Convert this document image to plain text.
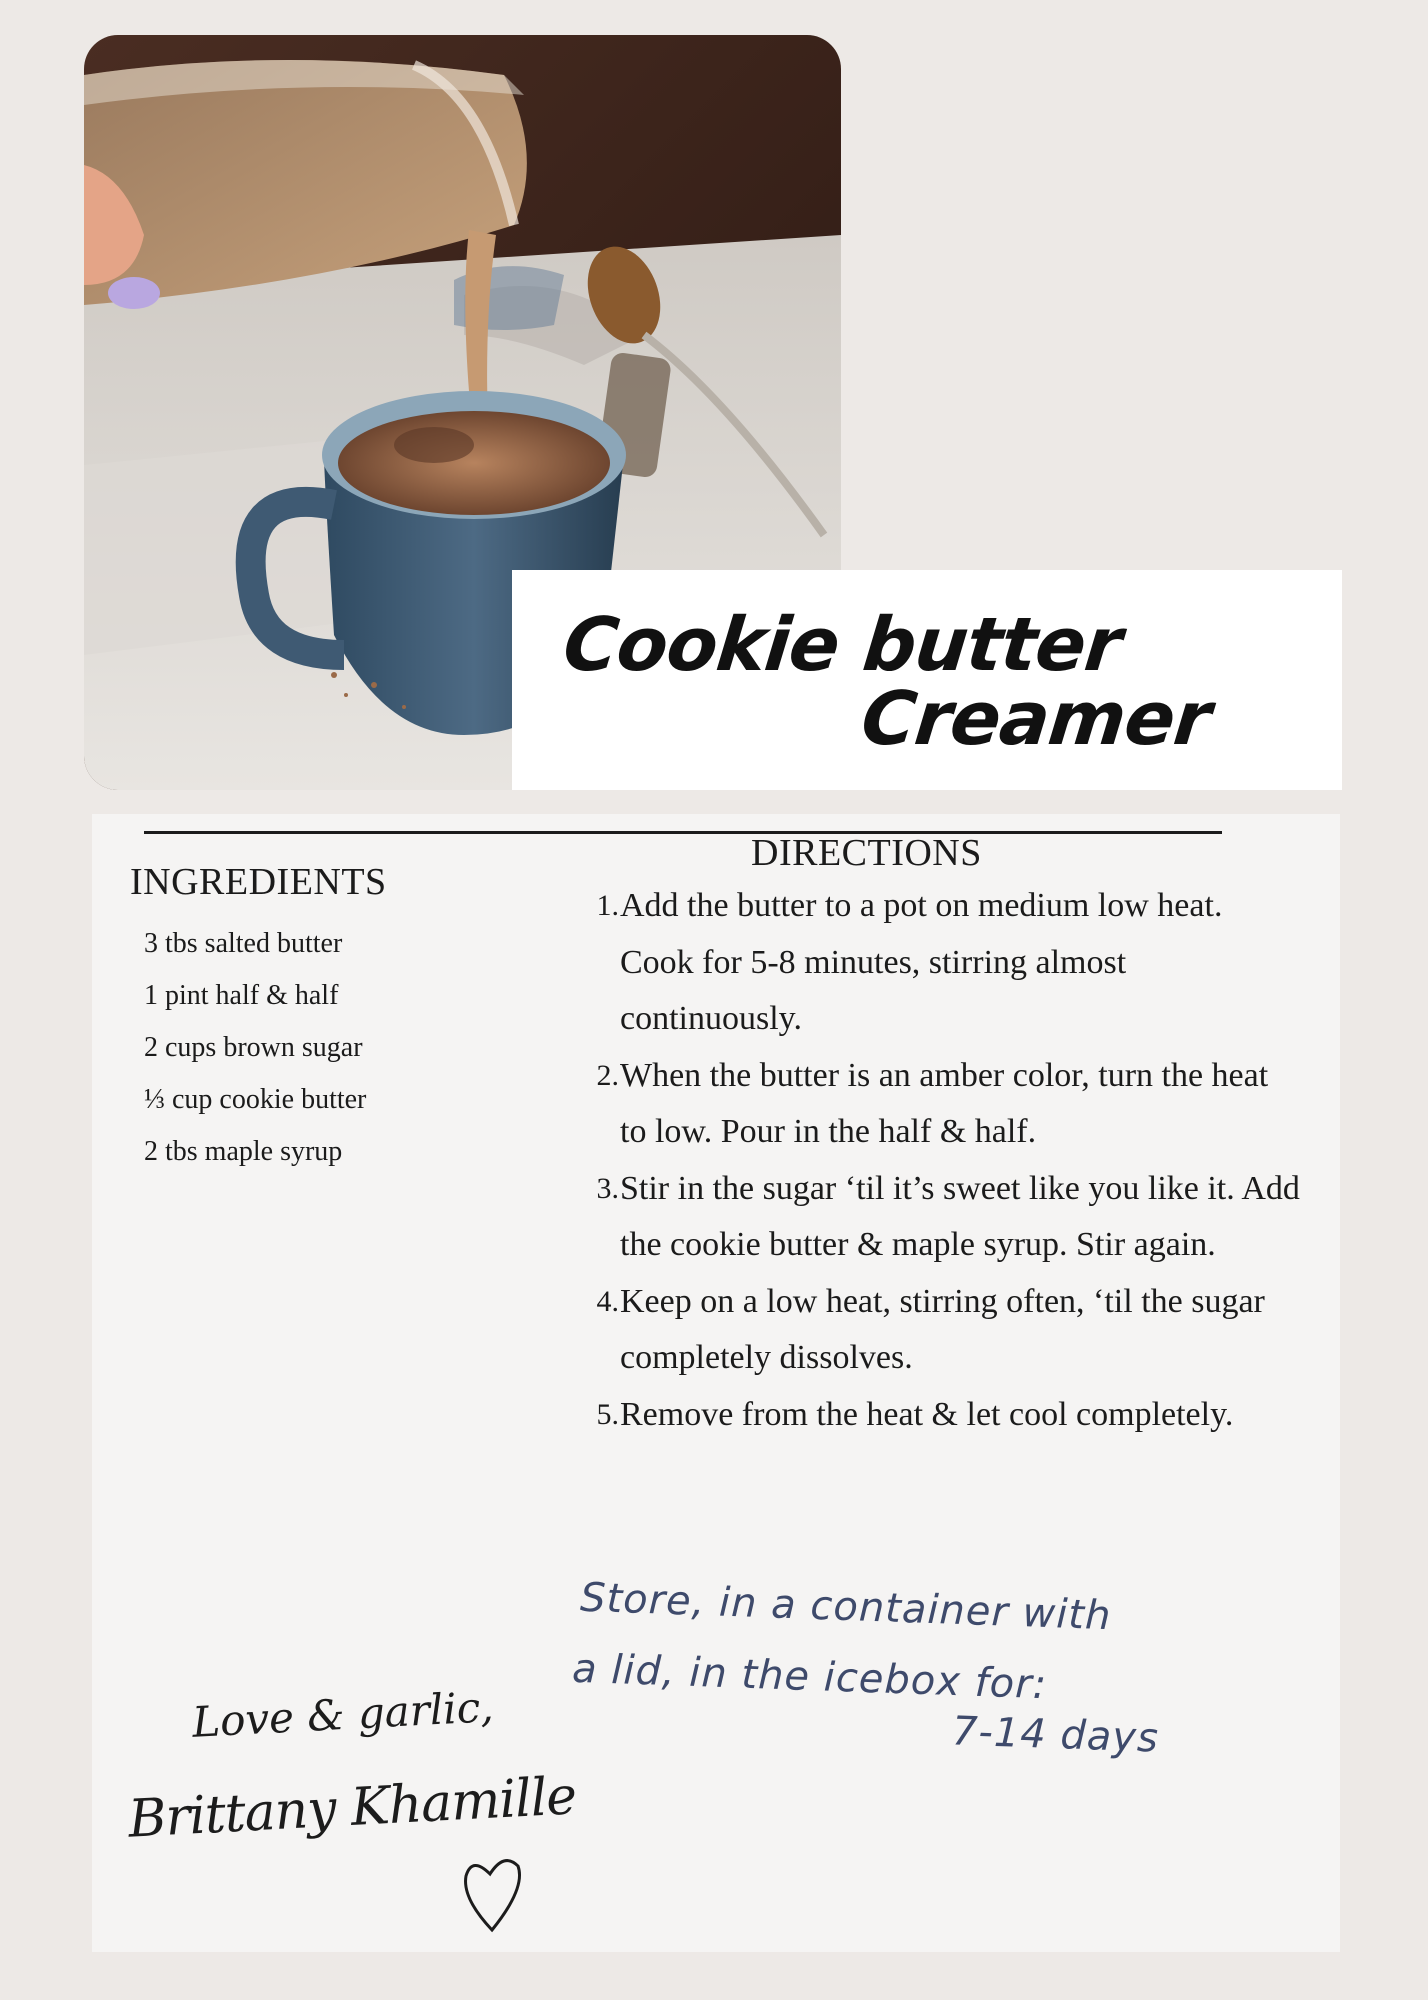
Cookie butter
Creamer
INGREDIENTS
3 tbs salted butter
1 pint half & half
2 cups brown sugar
⅓ cup cookie butter
2 tbs maple syrup
DIRECTIONS
1. Add the butter to a pot on medium low heat. Cook for 5-8 minutes, stirring almost continuously.
2. When the butter is an amber color, turn the heat to low. Pour in the half & half.
3. Stir in the sugar ‘til it’s sweet like you like it. Add the cookie butter & maple syrup. Stir again.
4. Keep on a low heat, stirring often, ‘til the sugar completely dissolves.
5. Remove from the heat & let cool completely.
Store, in a container with
a lid, in the icebox for:
7-14 days
Love & garlic,
Brittany Khamille
